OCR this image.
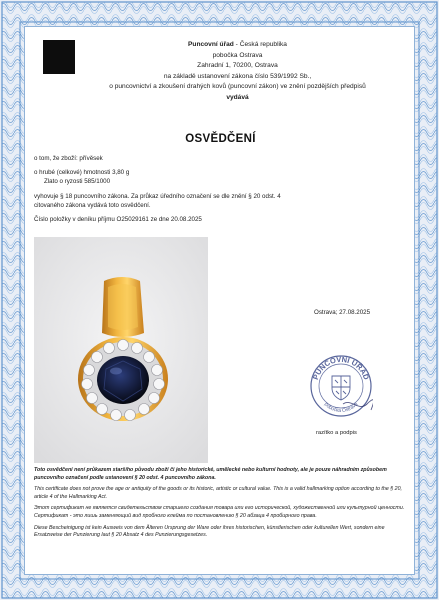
Puncovní úřad - Česká republika
pobočka Ostrava
Zahradní 1, 70200, Ostrava
na základě ustanovení zákona číslo 539/1992 Sb.,
o puncovnictví a zkoušení drahých kovů (puncovní zákon) ve znění pozdějších předpisů
vydává
OSVĚDČENÍ
o tom, že zboží: přívěsek
o hrubé (celkové) hmotnosti 3,80 g
Zlato o ryzosti 585/1000
vyhovuje § 18 puncovního zákona. Za průkaz úředního označení se dle znění § 20 odst. 4
citovaného zákona vydává toto osvědčení.
Číslo položky v deníku příjmu O25029161 ze dne 20.08.2025
Ostrava; 27.08.2025
PUNCOVNÍ ÚŘAD
pobočka Ostrava
razítko a podpis

Toto osvědčení není průkazem staršího původu zboží či jeho historické, umělecké nebo kulturní hodnoty, ale je pouze náhradním způsobem puncovního označení podle ustanovení § 20 odst. 4 puncovního zákona.

This certificate does not prove the age or antiquity of the goods or its historic, artistic or cultural value. This is a valid hallmarking option according to the § 20, article 4 of the Hallmarking Act.

Этот сертификат не является свидетельством старшего создания товара или его исторической, художественной или культурной ценности. Сертификат - это лишь заменяющий вид пробного клейма по постановлению § 20 абзаца 4 пробирного права.

Diese Bescheinigung ist kein Ausweis von dem Älteren Ursprung der Ware oder ihres historischen, künstlerischen oder kulturellen Wert, sondern eine Ersatzweise der Punzierung laut § 20 Absatz 4 des Punzierungsgesetzes.
